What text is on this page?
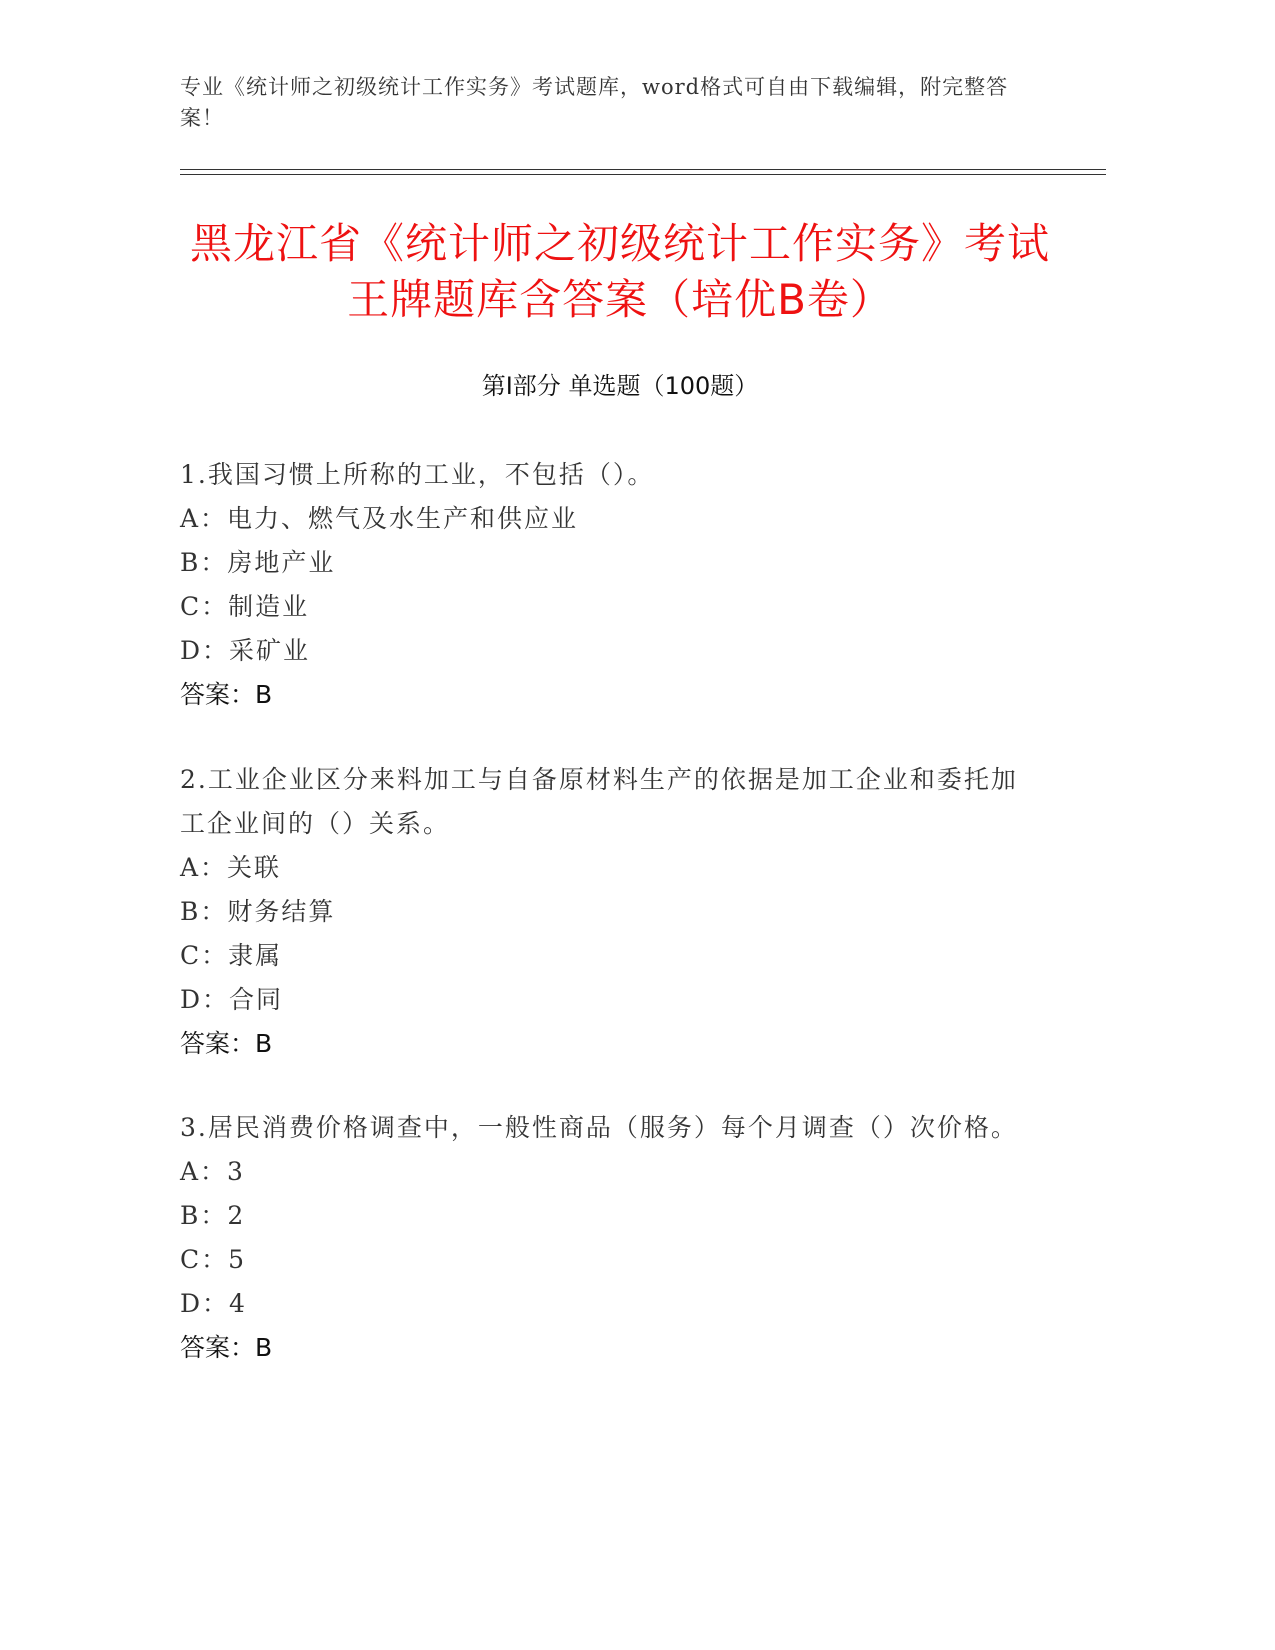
专业《统计师之初级统计工作实务》考试题库，word格式可自由下载编辑，附完整答案！
黑龙江省《统计师之初级统计工作实务》考试王牌题库含答案（培优B卷）
第I部分 单选题（100题）
1.我国习惯上所称的工业，不包括（）。
A：电力、燃气及水生产和供应业
B：房地产业
C：制造业
D：采矿业
答案：B
2.工业企业区分来料加工与自备原材料生产的依据是加工企业和委托加工企业间的（）关系。
A：关联
B：财务结算
C：隶属
D：合同
答案：B
3.居民消费价格调查中，一般性商品（服务）每个月调查（）次价格。
A：3
B：2
C：5
D：4
答案：B
